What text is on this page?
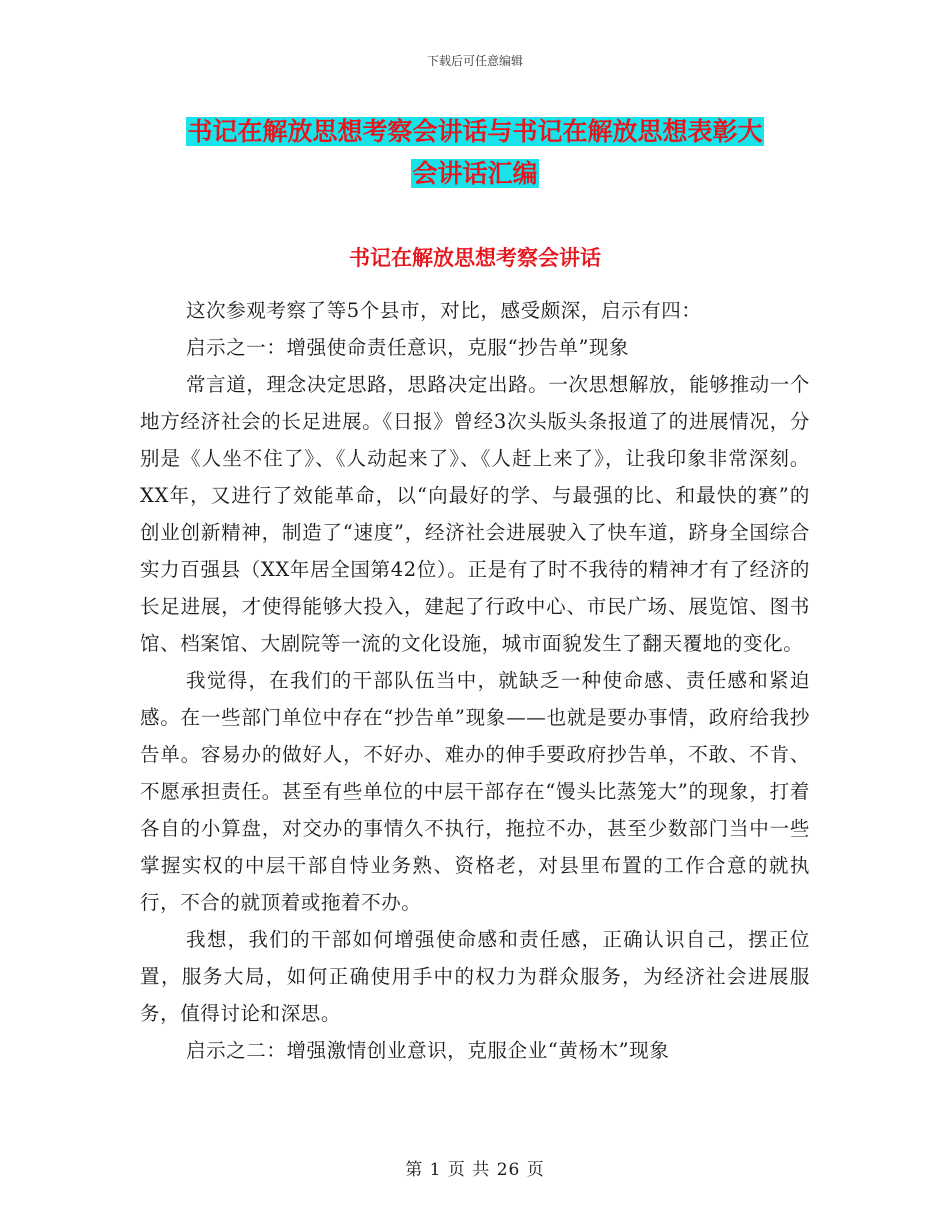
下载后可任意编辑
书记在解放思想考察会讲话与书记在解放思想表彰大
会讲话汇编
书记在解放思想考察会讲话

这次参观考察了等5个县市，对比，感受颇深，启示有四：

启示之一：增强使命责任意识，克服“抄告单”现象

常言道，理念决定思路，思路决定出路。一次思想解放，能够推动一个地方经济社会的长足进展。《日报》曾经3次头版头条报道了的进展情况，分别是《人坐不住了》、《人动起来了》、《人赶上来了》，让我印象非常深刻。XX年，又进行了效能革命，以“向最好的学、与最强的比、和最快的赛”的创业创新精神，制造了“速度”，经济社会进展驶入了快车道，跻身全国综合实力百强县（XX年居全国第42位）。正是有了时不我待的精神才有了经济的长足进展，才使得能够大投入，建起了行政中心、市民广场、展览馆、图书馆、档案馆、大剧院等一流的文化设施，城市面貌发生了翻天覆地的变化。

我觉得，在我们的干部队伍当中，就缺乏一种使命感、责任感和紧迫感。在一些部门单位中存在“抄告单”现象——也就是要办事情，政府给我抄告单。容易办的做好人，不好办、难办的伸手要政府抄告单，不敢、不肯、不愿承担责任。甚至有些单位的中层干部存在“馒头比蒸笼大”的现象，打着各自的小算盘，对交办的事情久不执行，拖拉不办，甚至少数部门当中一些掌握实权的中层干部自恃业务熟、资格老，对县里布置的工作合意的就执行，不合的就顶着或拖着不办。

我想，我们的干部如何增强使命感和责任感，正确认识自己，摆正位置，服务大局，如何正确使用手中的权力为群众服务，为经济社会进展服务，值得讨论和深思。

启示之二：增强激情创业意识，克服企业“黄杨木”现象

第 1 页 共 26 页
